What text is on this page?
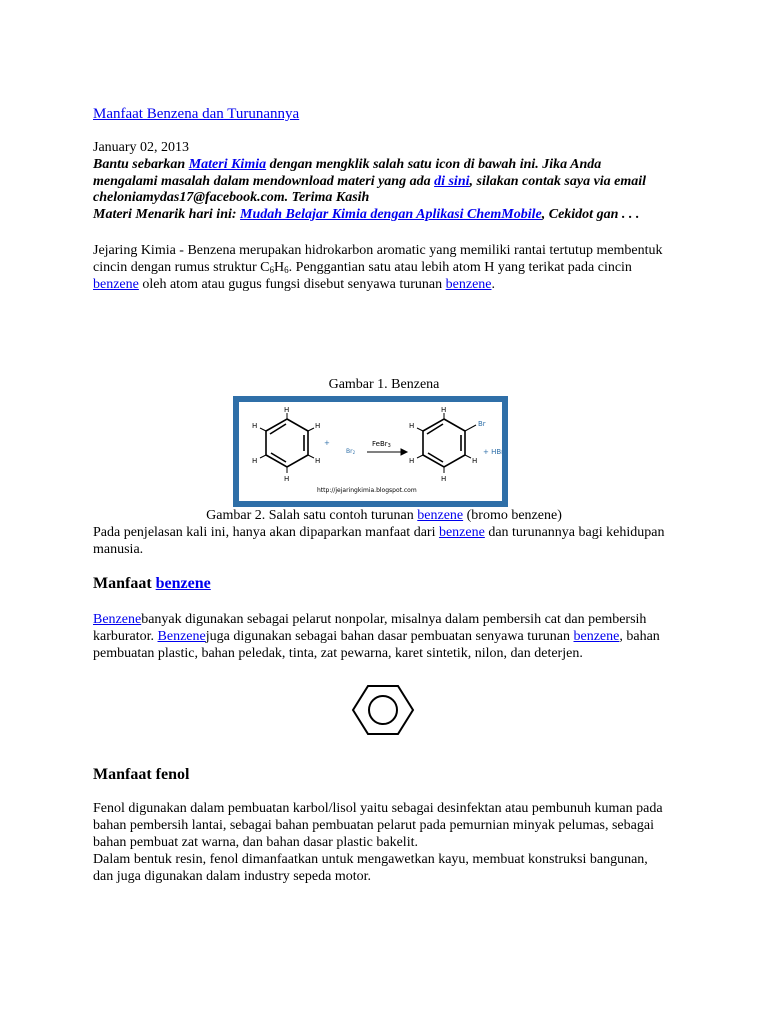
Manfaat Benzena dan Turunannya
January 02, 2013
Bantu sebarkan Materi Kimia dengan mengklik salah satu icon di bawah ini. Jika Anda mengalami masalah dalam mendownload materi yang ada di sini, silakan contak saya via email cheloniamydas17@facebook.com. Terima Kasih
Materi Menarik hari ini: Mudah Belajar Kimia dengan Aplikasi ChemMobile, Cekidot gan . . .
Jejaring Kimia - Benzena merupakan hidrokarbon aromatic yang memiliki rantai tertutup membentuk cincin dengan rumus struktur $C_6H_6$. Penggantian satu atau lebih atom H yang terikat pada cincin benzene oleh atom atau gugus fungsi disebut senyawa turunan benzene.
Gambar 1. Benzena
H
H
H
H
H
H
+
Br2
FeBr3
H
H
H
H
H	Br
+ HBr
http://jejaringkimia.blogspot.com
Gambar 2. Salah satu contoh turunan benzene (bromo benzene)
Pada penjelasan kali ini, hanya akan dipaparkan manfaat dari benzene dan turunannya bagi kehidupan manusia.
Manfaat benzene
Benzenebanyak digunakan sebagai pelarut nonpolar, misalnya dalam pembersih cat dan pembersih karburator. Benzenejuga digunakan sebagai bahan dasar pembuatan senyawa turunan benzene, bahan pembuatan plastic, bahan peledak, tinta, zat pewarna, karet sintetik, nilon, dan deterjen.
Manfaat fenol
Fenol digunakan dalam pembuatan karbol/lisol yaitu sebagai desinfektan atau pembunuh kuman pada bahan pembersih lantai, sebagai bahan pembuatan pelarut pada pemurnian minyak pelumas, sebagai bahan pembuat zat warna, dan bahan dasar plastic bakelit.
Dalam bentuk resin, fenol dimanfaatkan untuk mengawetkan kayu, membuat konstruksi bangunan, dan juga digunakan dalam industry sepeda motor.
